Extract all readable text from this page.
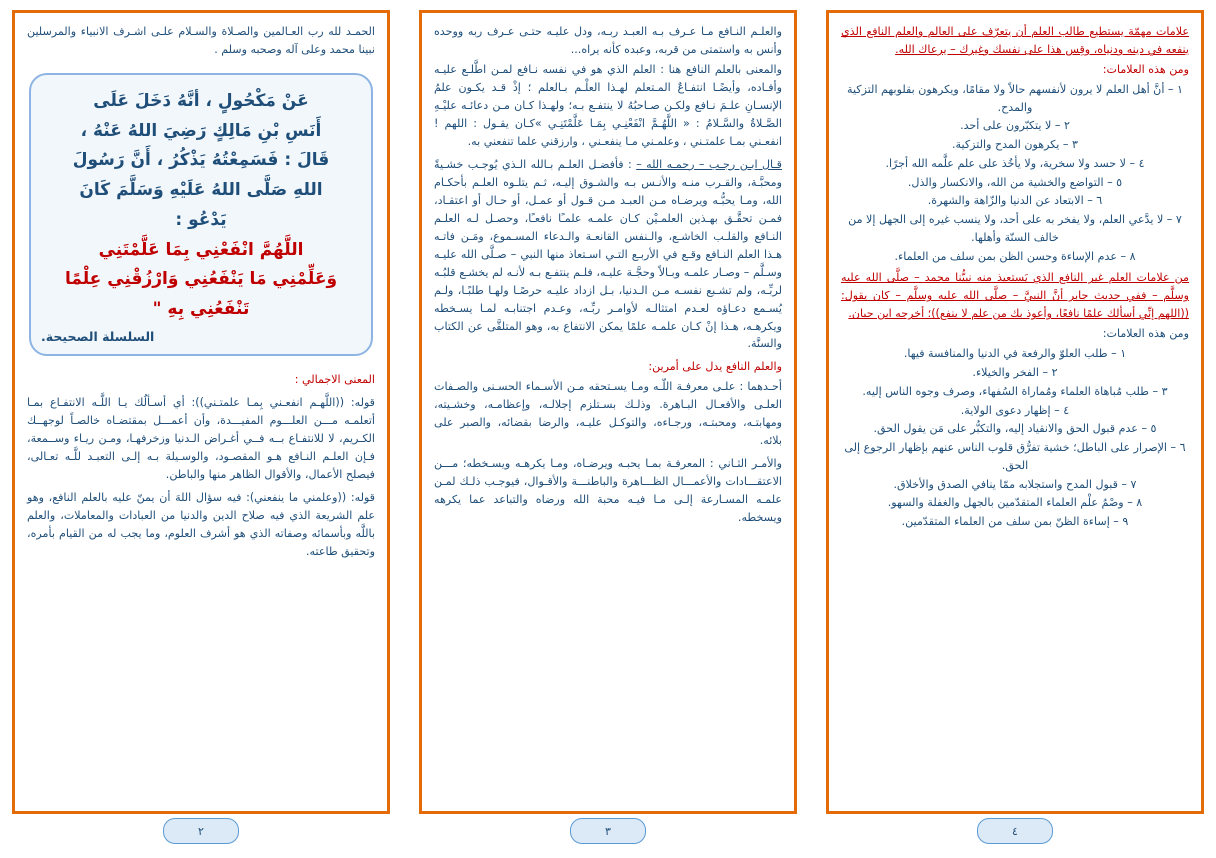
الحمـد لله رب العـالمين والصـلاة والسـلام علـى اشـرف الانبياء والمرسلين نبينا محمد وعلى آله وصحبه وسلم .

عَنْ مَكْحُولٍ ، أنَّهُ دَخَلَ عَلَى

أَنَسِ بْنِ مَالِكٍ رَضِيَ اللهُ عَنْهُ ،

قَالَ : فَسَمِعْتُهُ يَذْكُرُ ، أَنَّ رَسُولَ

اللهِ صَلَّى اللهُ عَلَيْهِ وَسَلَّمَ كَانَ

يَدْعُو :

اللَّهُمَّ انْفَعْنِي بِمَا عَلَّمْتَنِي

وَعَلِّمْنِي مَا يَنْفَعُنِي وَارْزُقْنِي عِلْمًا

تَنْفَعُنِي بِهِ "

السلسلة الصحيحة.

المعنى الاجمالي :

قوله: ((اللَّهـم انفعـني بِمـا علمتـني)): أي أسـألُك يـا اللَّـه الانتفـاع بمـا أتعلمـه مـــن العلـــوم المفيـــدة، وأن أعمـــل بمقتضـاه خالصـاً لوجهــك الكـريم، لا للانتفـاع بــه فــي أغـراض الـدنيا وزخرفهـا، ومـن ريـاء وســمعة، فـإن العلـم النـافع هـو المقصـود، والوسـيلة بـه إلـى التعبـد للَّـه تعـالى، فيصلح الأعمال، والأقوال الظاهر منها والباطن.

قوله: ((وعلمني ما ينفعني): فيه سؤال اللهَ أن يمنّ عليه بالعلم النافع، وهو علم الشريعة الذي فيه صلاح الدين والدنيا من العبادات والمعاملات، والعلم باللَّه وبأسمائه وصفاته الذي هو أشرف العلوم، وما يجب له من القيام بأمره، وتحقيق طاعته.

٢

والعلـم النـافع مـا عـرف بـه العبـد ربـه، ودل عليـه حتـى عـرف ربه ووحده وأنس به واستمتى من قربه، وعبده كأنه يراه...

والمعنى بالعلم النافع هنا : العلم الذي هو في نفسه نـافع لمـن اطَّلـع عليـه وأفـاده، وأيضًـا انتفـاعٌ المـتعلم لهـذا العلْـم بـالعلم ؛ إذْ قـد يكـون علمُ الإنسـانِ علـمَ نـافع ولكـن صـاحبُهُ لا ينتفـع بـه؛ ولهـذا كـان مـن دعائـه عليْـهِ الصَّـلاةُ والسَّـلامُ : « اللَّهُـمَّ انْفَعْنِـي بِمَـا عَلَّمْتَنِـي »كـان يقـول : اللهم ! انفعـني بمـا علمتـني ، وعلمـني مـا ينفعـني ، وارزقني علما تنفعني به.

قـال ابـن رجـب – رحمـه الله – : فأفضـل العلـم بـالله الـذي يُوجـب خشـيةً ومحبَّـة، والقـرب منـه والأنـس بـه والشـوق إليـه، ثـم يتلـوه العلـم بأحكـام الله، ومـا يحبُّـه ويرضـاه مـن العبـد مـن قـول أو عمـل، أو حـال أو اعتقـاد، فمـن تحقَّـق بهـذين العلمـيْن كـان علمـه علمـًا نافعـًا، وحصـل لـه العلـم النـافع والقلـب الخاشـع، والـنفس القانعـة والـدعاء المسـموع، ومَـن فاتـه هـذا العلم النـافع وقـع في الأربـع التـي اسـتعاذ منها النبي – صـلَّى الله عليـه وسـلَّم – وصـار علمـه وبـالاً وحجَّـة عليـه، فلـم ينتفـع بـه لأنـه لم يخشـع قلبُـه لربِّـه، ولم تشـبع نفسـه مـن الـدنيا، بـل ازداد عليـه حرصًـا ولهـا طلبًـا، ولـم يُسـمع دعـاؤه لعـدم امتثالـه لأوامـر ربِّـه، وعـدم اجتنابـه لمـا يسـخطه ويكرهـه، هـذا إنْ كـان علمـه علمًا يمكن الانتفاع به، وهو المتلقَّى عن الكتاب والسنَّة.

والعلم النافع يدل على أمرين:

أحـدهما : علـى معرفـة اللّـه ومـا يسـتحقه مـن الأسـماء الحسـنى والصـفات العلـى والأفعـال البـاهرة. وذلـك بسـتلزم إجلالـه، وإعظامـه، وخشـيته، ومهابتـه، ومحبتـه، ورجـاءه، والتوكـل عليـه، والرضا بقضائه، والصبر على بلائه.

والأمـر الثـاني : المعرفـة بمـا يحبـه ويرضـاه، ومـا يكرهـه ويسـخطه؛ مـــن الاعتقـــادات والأعمـــال الظـــاهرة والباطنـــة والأقـوال، فيوجـب ذلـك لمـن علمـه المسـارعة إلـى مـا فيـه محبة الله ورضاه والتباعد عما يكرهه ويسخطه.

٣

علامات مهمّة يستطيع طالب العلم أن يتعرّف على العالم والعلم النافع الذي ينفعه في دينه ودنياه، وقِس هذا على نفسك وغيرك – يرعاك الله.

ومن هذه العلامات:

١ – أنَّ أهل العلم لا يرون لأنفسهم حالاً ولا مقامًا، ويكرهون بقلوبهم التزكية والمدح.
٢ – لا يتكبّرون على أحد.
٣ – يكرهون المدح والتزكية.
٤ – لا حسد ولا سخرية، ولا يأخُذ على علم علَّمه الله أجرًا.
٥ – التواضع والخشية من الله، والانكسار والذل.
٦ – الابتعاد عن الدنيا والزّاهة والشهرة.
٧ – لا يدَّعي العلم، ولا يفخر به على أحد، ولا ينسب غيره إلى الجهل إلا من خالف السنّة وأهلها.
٨ – عدم الإساءة وحسن الظن بمن سلف من العلماء.

من علامات العلم غير النافع الذي يَستعيذ منه نبيُّنا محمد – صلَّى الله عليه وسلَّم – ففي حديث جابر أنَّ النبيَّ – صلَّى الله عليه وسلَّم – كان يقول: ((اللهم إنِّي أسألك علمًا نافعًا، وأعوذ بك من علم لا ينفع))؛ أخرجه ابن حبان.

ومن هذه العلامات:

١ – طلب العلوّ والرفعة في الدنيا والمنافسة فيها.
٢ – الفخر والخيلاء.
٣ – طلب مُباهاة العلماء ومُماراة السُفهاء، وصرف وجوه الناس إليه.
٤ – إظهار دعوى الولاية.
٥ – عدم قبول الحق والانقياد إليه، والتكبُّر على مَن يقول الحق.
٦ – الإصرار على الباطل؛ خشية تفرُّق قلوب الناس عنهم بإظهار الرجوع إلى الحق.
٧ – قبول المدح واستجلابه ممّا ينافي الصدق والأخلاق.
٨ – وصْمُ علْم العلماء المتقدّمين بالجهل والغفلة والسهو.
٩ – إساءة الظنّ بمن سلف من العلماء المتقدّمين.
٤
